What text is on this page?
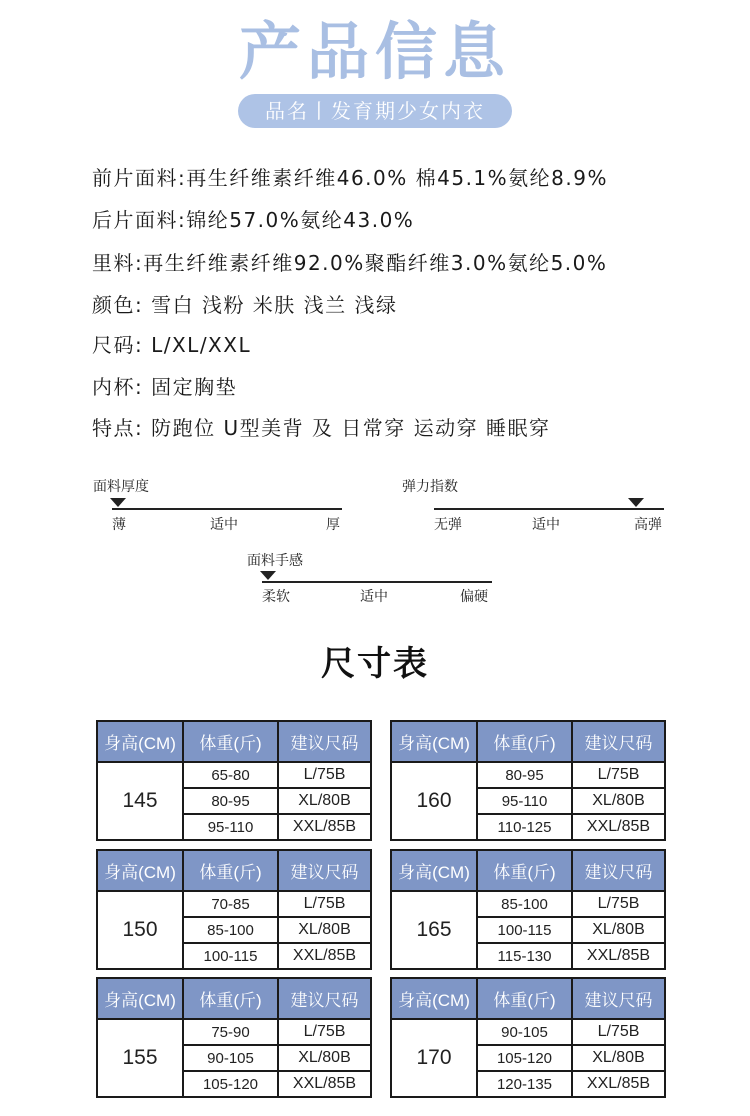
产品信息
品名丨发育期少女内衣
前片面料:再生纤维素纤维46.0% 棉45.1%氨纶8.9%
后片面料:锦纶57.0%氨纶43.0%
里料:再生纤维素纤维92.0%聚酯纤维3.0%氨纶5.0%
颜色: 雪白 浅粉 米肤 浅兰 浅绿
尺码: L/XL/XXL
内杯: 固定胸垫
特点: 防跑位 U型美背 及 日常穿 运动穿 睡眠穿
面料厚度
薄	适中	厚
弹力指数
无弹	适中	高弹
面料手感
柔软	适中	偏硬
尺寸表
身高(CM)	体重(斤)	建议尺码
145	65-80	L/75B
	80-95	XL/80B
	95-110	XXL/85B
身高(CM)	体重(斤)	建议尺码
160	80-95	L/75B
	95-110	XL/80B
	110-125	XXL/85B
身高(CM)	体重(斤)	建议尺码
150	70-85	L/75B
	85-100	XL/80B
	100-115	XXL/85B
身高(CM)	体重(斤)	建议尺码
165	85-100	L/75B
	100-115	XL/80B
	115-130	XXL/85B
身高(CM)	体重(斤)	建议尺码
155	75-90	L/75B
	90-105	XL/80B
	105-120	XXL/85B
身高(CM)	体重(斤)	建议尺码
170	90-105	L/75B
	105-120	XL/80B
	120-135	XXL/85B
